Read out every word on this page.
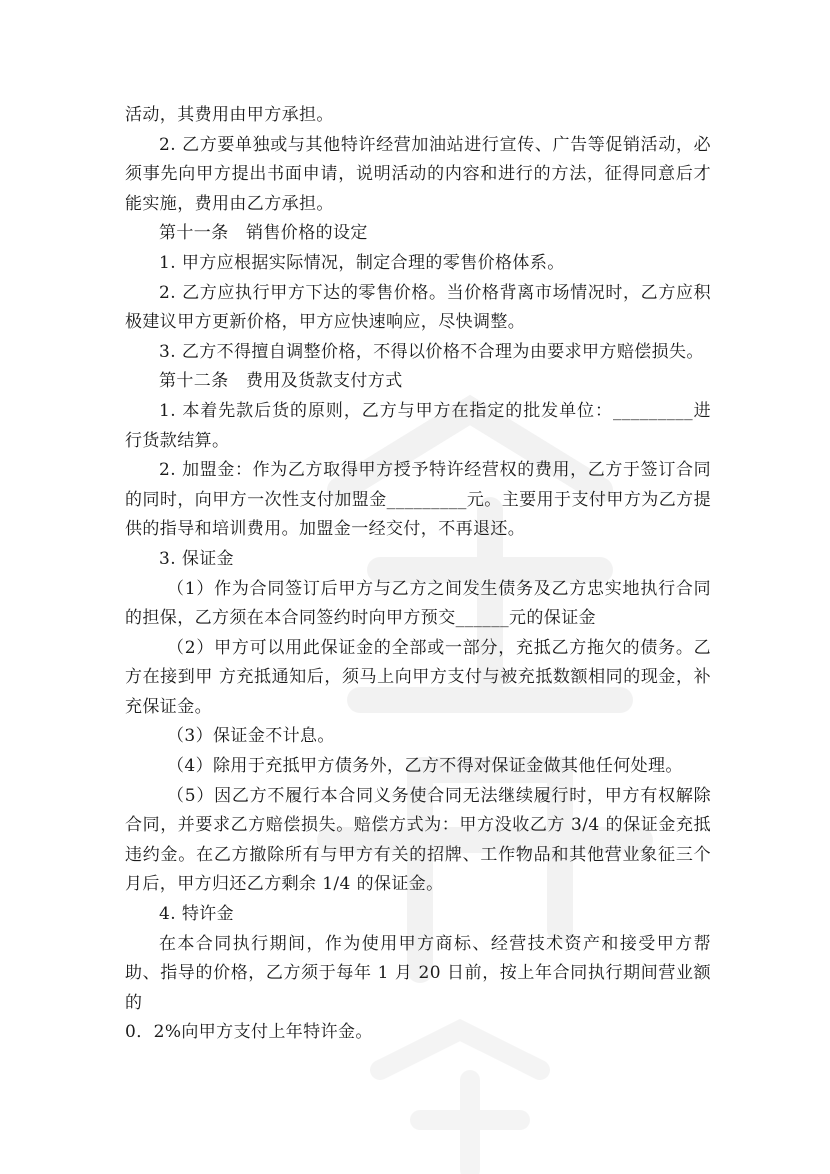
活动，其费用由甲方承担。

2. 乙方要单独或与其他特许经营加油站进行宣传、广告等促销活动，必须事先向甲方提出书面申请，说明活动的内容和进行的方法，征得同意后才能实施，费用由乙方承担。

第十一条　销售价格的设定

1. 甲方应根据实际情况，制定合理的零售价格体系。

2. 乙方应执行甲方下达的零售价格。当价格背离市场情况时，乙方应积极建议甲方更新价格，甲方应快速响应，尽快调整。

3. 乙方不得擅自调整价格，不得以价格不合理为由要求甲方赔偿损失。

第十二条　费用及货款支付方式

1. 本着先款后货的原则，乙方与甲方在指定的批发单位：_________进行货款结算。

2. 加盟金：作为乙方取得甲方授予特许经营权的费用，乙方于签订合同的同时，向甲方一次性支付加盟金_________元。主要用于支付甲方为乙方提供的指导和培训费用。加盟金一经交付，不再退还。

3. 保证金

（1）作为合同签订后甲方与乙方之间发生债务及乙方忠实地执行合同的担保，乙方须在本合同签约时向甲方预交______元的保证金

（2）甲方可以用此保证金的全部或一部分，充抵乙方拖欠的债务。乙方在接到甲 方充抵通知后，须马上向甲方支付与被充抵数额相同的现金，补充保证金。

（3）保证金不计息。

（4）除用于充抵甲方债务外，乙方不得对保证金做其他任何处理。

（5）因乙方不履行本合同义务使合同无法继续履行时，甲方有权解除合同，并要求乙方赔偿损失。赔偿方式为：甲方没收乙方 3/4 的保证金充抵违约金。在乙方撤除所有与甲方有关的招牌、工作物品和其他营业象征三个月后，甲方归还乙方剩余 1/4 的保证金。

4. 特许金

在本合同执行期间，作为使用甲方商标、经营技术资产和接受甲方帮助、指导的价格，乙方须于每年 1 月 20 日前，按上年合同执行期间营业额的

0．2%向甲方支付上年特许金。
